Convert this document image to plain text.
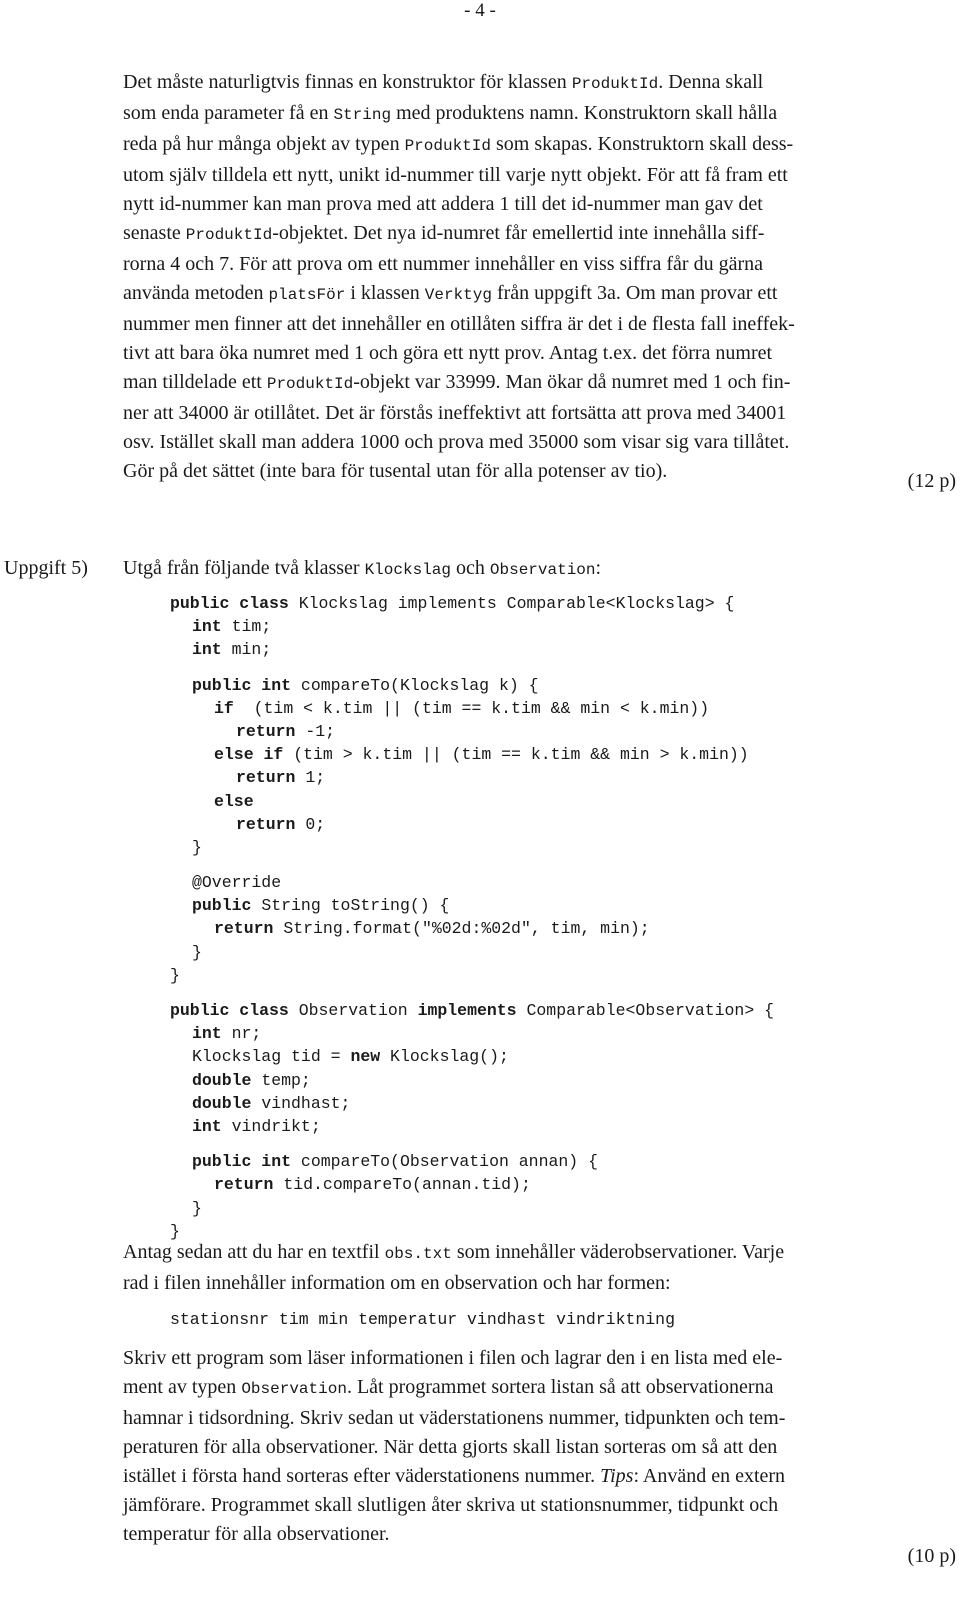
- 4 -
Det måste naturligtvis finnas en konstruktor för klassen ProduktId. Denna skall
som enda parameter få en String med produktens namn. Konstruktorn skall hålla
reda på hur många objekt av typen ProduktId som skapas. Konstruktorn skall dess-
utom själv tilldela ett nytt, unikt id-nummer till varje nytt objekt. För att få fram ett
nytt id-nummer kan man prova med att addera 1 till det id-nummer man gav det
senaste ProduktId-objektet. Det nya id-numret får emellertid inte innehålla siff-
rorna 4 och 7. För att prova om ett nummer innehåller en viss siffra får du gärna
använda metoden platsFör i klassen Verktyg från uppgift 3a. Om man provar ett
nummer men finner att det innehåller en otillåten siffra är det i de flesta fall ineffek-
tivt att bara öka numret med 1 och göra ett nytt prov. Antag t.ex. det förra numret
man tilldelade ett ProduktId-objekt var 33999. Man ökar då numret med 1 och fin-
ner att 34000 är otillåtet. Det är förstås ineffektivt att fortsätta att prova med 34001
osv. Istället skall man addera 1000 och prova med 35000 som visar sig vara tillåtet.
Gör på det sättet (inte bara för tusental utan för alla potenser av tio).	(12 p)
Uppgift 5) Utgå från följande två klasser Klockslag och Observation:
public class Klockslag implements Comparable<Klockslag> {
int tim;
int min;
public int compareTo(Klockslag k) {
if  (tim < k.tim || (tim == k.tim && min < k.min))
return -1;
else if (tim > k.tim || (tim == k.tim && min > k.min))
return 1;
else
return 0;
}
@Override
public String toString() {
return String.format("%02d:%02d", tim, min);
}
}
public class Observation implements Comparable<Observation> {
int nr;
Klockslag tid = new Klockslag();
double temp;
double vindhast;
int vindrikt;
public int compareTo(Observation annan) {
return tid.compareTo(annan.tid);
}
}
Antag sedan att du har en textfil obs.txt som innehåller väderobservationer. Varje
rad i filen innehåller information om en observation och har formen:
stationsnr tim min temperatur vindhast vindriktning
Skriv ett program som läser informationen i filen och lagrar den i en lista med ele-
ment av typen Observation. Låt programmet sortera listan så att observationerna
hamnar i tidsordning. Skriv sedan ut väderstationens nummer, tidpunkten och tem-
peraturen för alla observationer. När detta gjorts skall listan sorteras om så att den
istället i första hand sorteras efter väderstationens nummer. Tips: Använd en extern
jämförare. Programmet skall slutligen åter skriva ut stationsnummer, tidpunkt och
temperatur för alla observationer.
(10 p)
